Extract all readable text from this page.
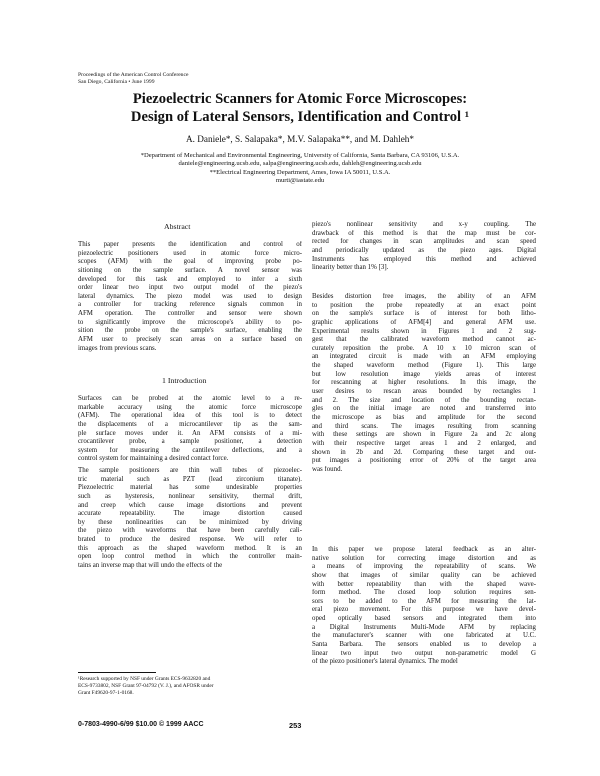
Proceedings of the American Control Conference
San Diego, California • June 1999
Piezoelectric Scanners for Atomic Force Microscopes:
Design of Lateral Sensors, Identification and Control ¹
A. Daniele*, S. Salapaka*, M.V. Salapaka**, and M. Dahleh*
*Department of Mechanical and Environmental Engineering, University of California, Santa Barbara, CA 93106, U.S.A.
daniele@engineering.ucsb.edu, salpa@engineering.ucsb.edu, dahleh@engineering.ucsb.edu
**Electrical Engineering Department, Ames, Iowa IA 50011, U.S.A.
murti@iastate.edu
Abstract
This paper presents the identification and control of
piezoelectric positioners used in atomic force micro-
scopes (AFM) with the goal of improving probe po-
sitioning on the sample surface. A novel sensor was
developed for this task and employed to infer a sixth
order linear two input two output model of the piezo's
lateral dynamics. The piezo model was used to design
a controller for tracking reference signals common in
AFM operation. The controller and sensor were shown
to significantly improve the microscope's ability to po-
sition the probe on the sample's surface, enabling the
AFM user to precisely scan areas on a surface based on
images from previous scans.
1 Introduction
Surfaces can be probed at the atomic level to a re-
markable accuracy using the atomic force microscope
(AFM). The operational idea of this tool is to detect
the displacements of a microcantilever tip as the sam-
ple surface moves under it. An AFM consists of a mi-
crocantilever probe, a sample positioner, a detection
system for measuring the cantilever deflections, and a
control system for maintaining a desired contact force.
The sample positioners are thin wall tubes of piezoelec-
tric material such as PZT (lead zirconium titanate).
Piezoelectric material has some undesirable properties
such as hysteresis, nonlinear sensitivity, thermal drift,
and creep which cause image distortions and prevent
accurate repeatability. The image distortion caused
by these nonlinearities can be minimized by driving
the piezo with waveforms that have been carefully cali-
brated to produce the desired response. We will refer to
this approach as the shaped waveform method. It is an
open loop control method in which the controller main-
tains an inverse map that will undo the effects of the
¹Research supported by NSF under Grants ECS-9632820 and
ECS-9733802, NSF Grant 97-04792 (V. J.), and AFOSR under
Grant F49620-97-1-0168.
piezo's nonlinear sensitivity and x-y coupling. The
drawback of this method is that the map must be cor-
rected for changes in scan amplitudes and scan speed
and periodically updated as the piezo ages. Digital
Instruments has employed this method and achieved
linearity better than 1% [3].
Besides distortion free images, the ability of an AFM
to position the probe repeatedly at an exact point
on the sample's surface is of interest for both litho-
graphic applications of AFM[4] and general AFM use.
Experimental results shown in Figures 1 and 2 sug-
gest that the calibrated waveform method cannot ac-
curately reposition the probe. A 10 x 10 micron scan of
an integrated circuit is made with an AFM employing
the shaped waveform method (Figure 1). This large
but low resolution image yields areas of interest
for rescanning at higher resolutions. In this image, the
user desires to rescan areas bounded by rectangles 1
and 2. The size and location of the bounding rectan-
gles on the initial image are noted and transferred into
the microscope as bias and amplitude for the second
and third scans. The images resulting from scanning
with these settings are shown in Figure 2a and 2c along
with their respective target areas 1 and 2 enlarged, and
shown in 2b and 2d. Comparing these target and out-
put images a positioning error of 20% of the target area
was found.
In this paper we propose lateral feedback as an alter-
native solution for correcting image distortion and as
a means of improving the repeatability of scans. We
show that images of similar quality can be achieved
with better repeatability than with the shaped wave-
form method. The closed loop solution requires sen-
sors to be added to the AFM for measuring the lat-
eral piezo movement. For this purpose we have devel-
oped optically based sensors and integrated them into
a Digital Instruments Multi-Mode AFM by replacing
the manufacturer's scanner with one fabricated at U.C.
Santa Barbara. The sensors enabled us to develop a
linear two input two output non-parametric model G
of the piezo positioner's lateral dynamics. The model
0-7803-4990-6/99 $10.00 © 1999 AACC	253
